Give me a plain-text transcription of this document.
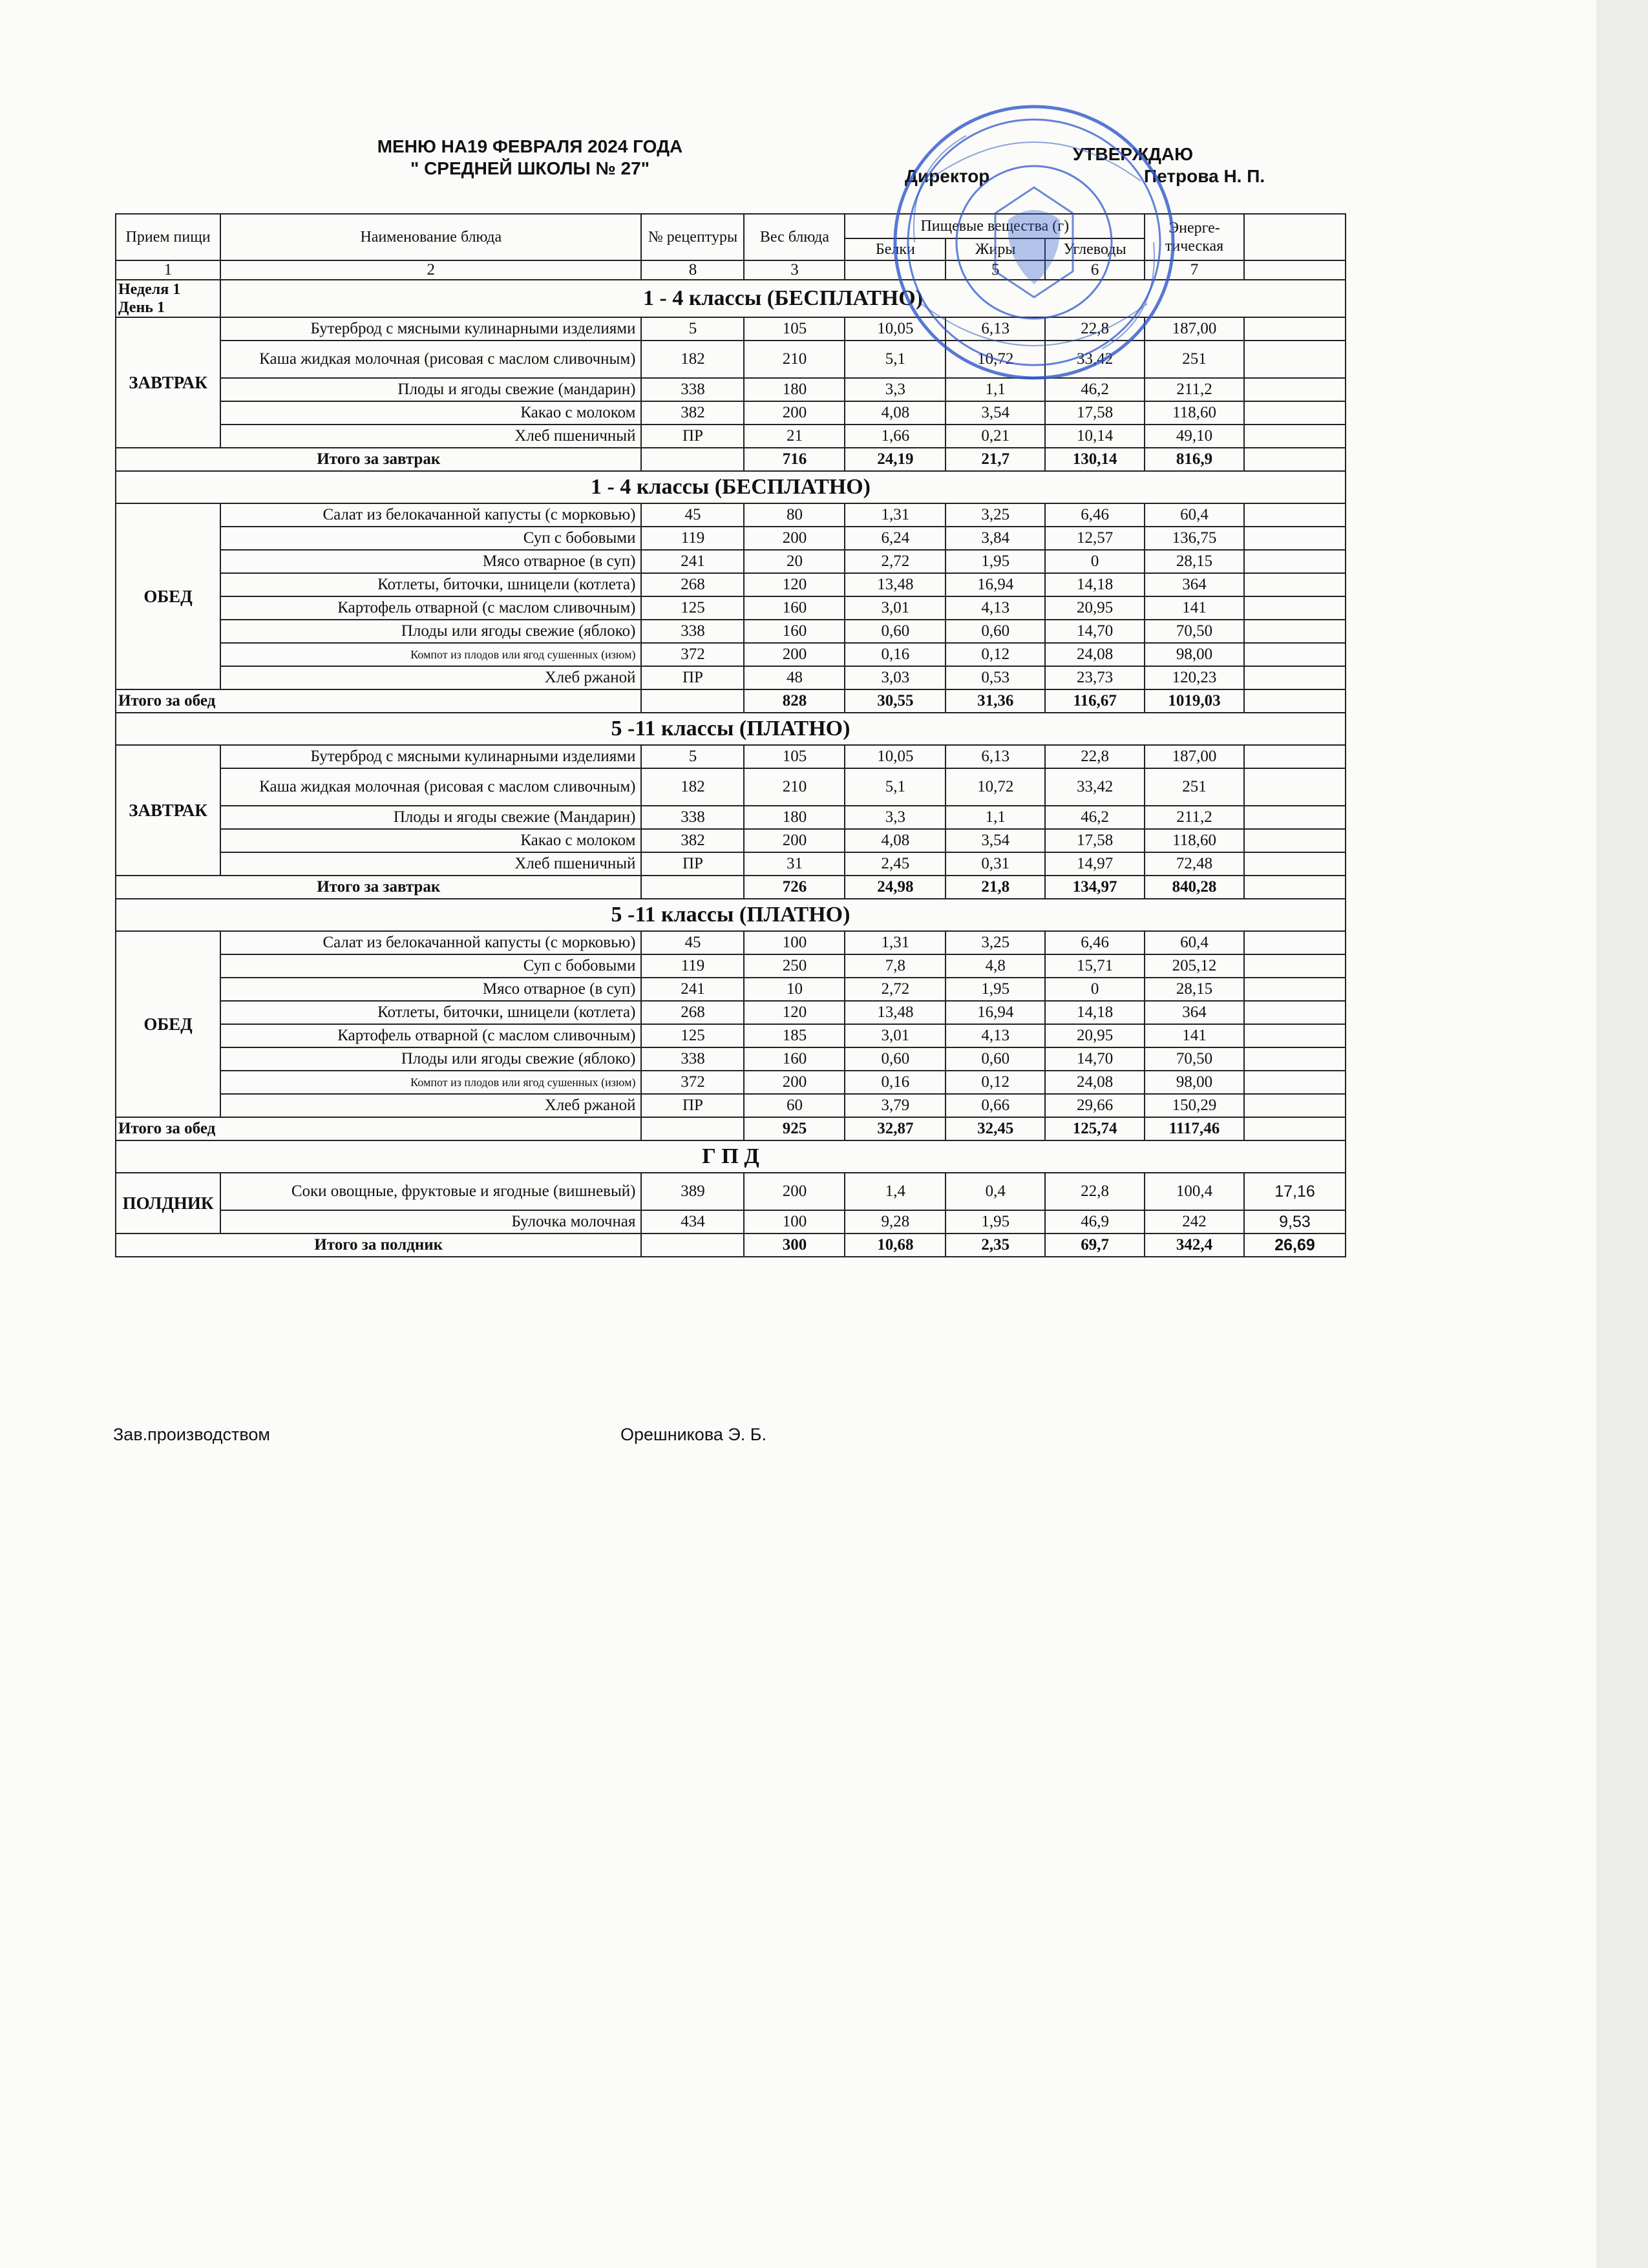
МЕНЮ НА19 ФЕВРАЛЯ 2024 ГОДА
" СРЕДНЕЙ ШКОЛЫ № 27"
УТВЕРЖДАЮ
Директор	Петрова Н. П.
Прием пищи	Наименование блюда	№ рецептуры	Вес блюда	Пищевые вещества (г)			Энерге-тическая	
				Белки	Жиры	Углеводы		
1	2	8	3		5	6	7	

Неделя 1
День 1	1 - 4 классы (БЕСПЛАТНО)							
ЗАВТРАК	Бутерброд с мясными кулинарными изделиями	5	105	10,05	6,13	22,8	187,00	
	Каша жидкая молочная (рисовая с маслом сливочным)	182	210	5,1	10,72	33,42	251	
	Плоды и ягоды свежие (мандарин)	338	180	3,3	1,1	46,2	211,2	
	Какао с молоком	382	200	4,08	3,54	17,58	118,60	
	Хлеб пшеничный	ПР	21	1,66	0,21	10,14	49,10	
Итого за завтрак			716	24,19	21,7	130,14	816,9	
1 - 4 классы (БЕСПЛАТНО)								
ОБЕД	Салат из белокачанной капусты (с морковью)	45	80	1,31	3,25	6,46	60,4	
	Суп с бобовыми	119	200	6,24	3,84	12,57	136,75	
	Мясо отварное (в суп)	241	20	2,72	1,95	0	28,15	
	Котлеты, биточки, шницели (котлета)	268	120	13,48	16,94	14,18	364	
	Картофель отварной (с маслом сливочным)	125	160	3,01	4,13	20,95	141	
	Плоды или ягоды свежие (яблоко)	338	160	0,60	0,60	14,70	70,50	
	Компот из плодов или ягод сушенных (изюм)	372	200	0,16	0,12	24,08	98,00	
	Хлеб ржаной	ПР	48	3,03	0,53	23,73	120,23	
Итого за обед			828	30,55	31,36	116,67	1019,03	
5 -11 классы (ПЛАТНО)								
ЗАВТРАК	Бутерброд с мясными кулинарными изделиями	5	105	10,05	6,13	22,8	187,00	
	Каша жидкая молочная (рисовая с маслом сливочным)	182	210	5,1	10,72	33,42	251	
	Плоды и ягоды свежие (Мандарин)	338	180	3,3	1,1	46,2	211,2	
	Какао с молоком	382	200	4,08	3,54	17,58	118,60	
	Хлеб пшеничный	ПР	31	2,45	0,31	14,97	72,48	
Итого за завтрак			726	24,98	21,8	134,97	840,28	
5 -11 классы (ПЛАТНО)								
ОБЕД	Салат из белокачанной капусты (с морковью)	45	100	1,31	3,25	6,46	60,4	
	Суп с бобовыми	119	250	7,8	4,8	15,71	205,12	
	Мясо отварное (в суп)	241	10	2,72	1,95	0	28,15	
	Котлеты, биточки, шницели (котлета)	268	120	13,48	16,94	14,18	364	
	Картофель отварной (с маслом сливочным)	125	185	3,01	4,13	20,95	141	
	Плоды или ягоды свежие (яблоко)	338	160	0,60	0,60	14,70	70,50	
	Компот из плодов или ягод сушенных (изюм)	372	200	0,16	0,12	24,08	98,00	
	Хлеб ржаной	ПР	60	3,79	0,66	29,66	150,29	
Итого за обед			925	32,87	32,45	125,74	1117,46	
Г П Д								
ПОЛДНИК	Соки овощные, фруктовые и ягодные (вишневый)	389	200	1,4	0,4	22,8	100,4	17,16
	Булочка молочная	434	100	9,28	1,95	46,9	242	9,53
Итого за полдник			300	10,68	2,35	69,7	342,4	26,69
Зав.производством	Орешникова Э. Б.
